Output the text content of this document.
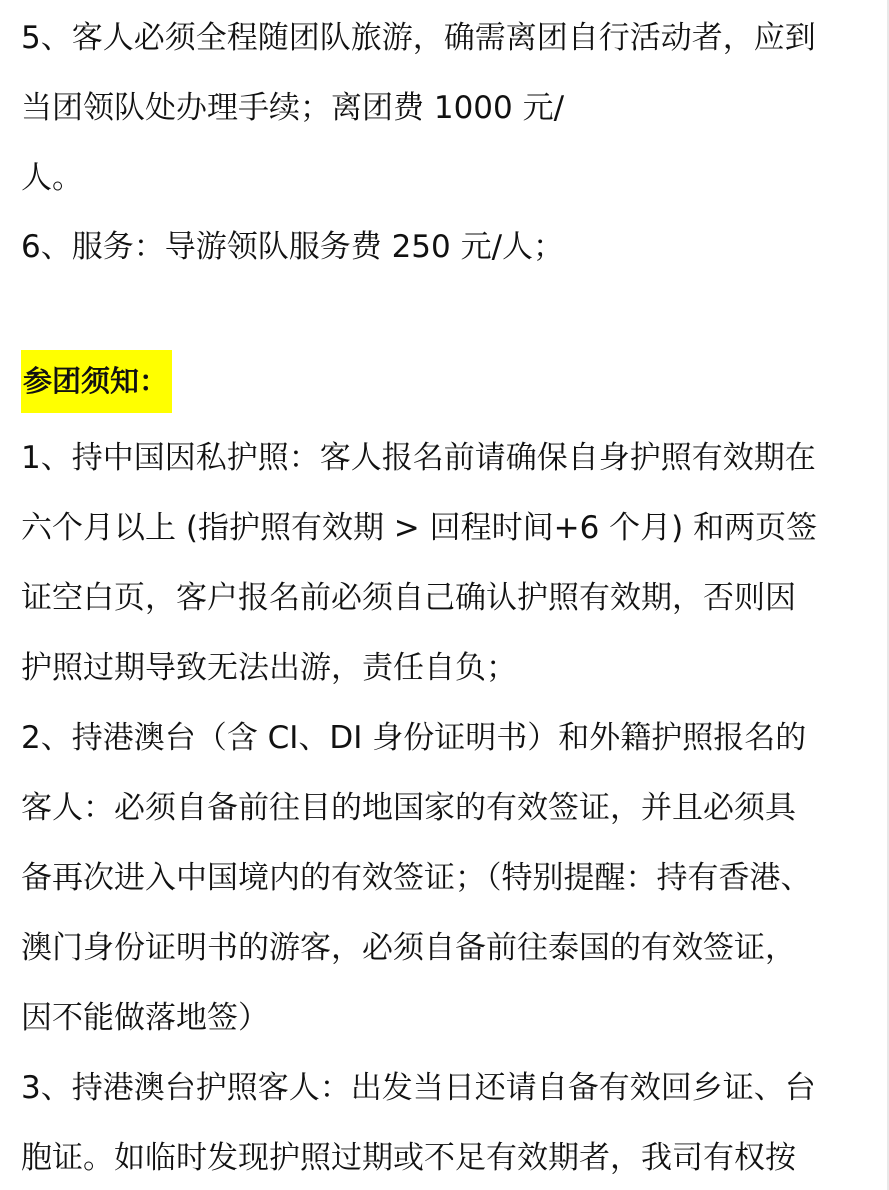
5、客人必须全程随团队旅游，确需离团自行活动者，应到
当团领队处办理手续；离团费 1000 元/
人。
6、服务：导游领队服务费 250 元/人；
参团须知：
1、持中国因私护照：客人报名前请确保自身护照有效期在
六个月以上 (指护照有效期 > 回程时间+6 个月) 和两页签
证空白页，客户报名前必须自己确认护照有效期，否则因
护照过期导致无法出游，责任自负；
2、持港澳台（含 CI、DI 身份证明书）和外籍护照报名的
客人：必须自备前往目的地国家的有效签证，并且必须具
备再次进入中国境内的有效签证；（特别提醒：持有香港、
澳门身份证明书的游客，必须自备前往泰国的有效签证，
因不能做落地签）
3、持港澳台护照客人：出发当日还请自备有效回乡证、台
胞证。如临时发现护照过期或不足有效期者，我司有权按
